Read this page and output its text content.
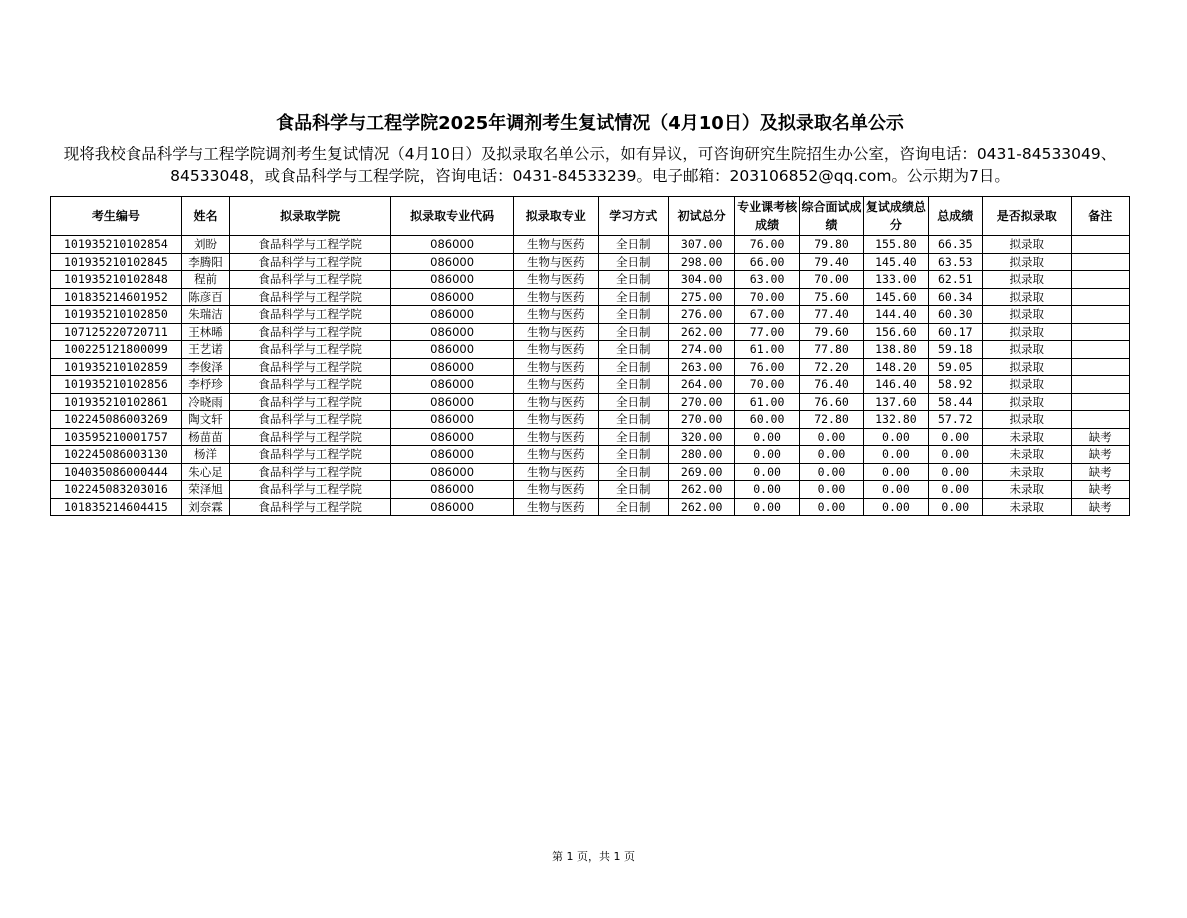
食品科学与工程学院2025年调剂考生复试情况（4月10日）及拟录取名单公示
现将我校食品科学与工程学院调剂考生复试情况（4月10日）及拟录取名单公示，如有异议，可咨询研究生院招生办公室，咨询电话：0431-84533049、84533048，或食品科学与工程学院，咨询电话：0431-84533239。电子邮箱：203106852@qq.com。公示期为7日。
考生编号	姓名	拟录取学院	拟录取专业代码	拟录取专业	学习方式	初试总分	专业课考核成绩	综合面试成绩	复试成绩总分	总成绩	是否拟录取	备注
101935210102854	刘盼	食品科学与工程学院	086000	生物与医药	全日制	307.00	76.00	79.80	155.80	66.35	拟录取	
101935210102845	李腾阳	食品科学与工程学院	086000	生物与医药	全日制	298.00	66.00	79.40	145.40	63.53	拟录取	
101935210102848	程前	食品科学与工程学院	086000	生物与医药	全日制	304.00	63.00	70.00	133.00	62.51	拟录取	
101835214601952	陈彦百	食品科学与工程学院	086000	生物与医药	全日制	275.00	70.00	75.60	145.60	60.34	拟录取	
101935210102850	朱瑞洁	食品科学与工程学院	086000	生物与医药	全日制	276.00	67.00	77.40	144.40	60.30	拟录取	
107125220720711	王林晞	食品科学与工程学院	086000	生物与医药	全日制	262.00	77.00	79.60	156.60	60.17	拟录取	
100225121800099	王艺诺	食品科学与工程学院	086000	生物与医药	全日制	274.00	61.00	77.80	138.80	59.18	拟录取	
101935210102859	李俊泽	食品科学与工程学院	086000	生物与医药	全日制	263.00	76.00	72.20	148.20	59.05	拟录取	
101935210102856	李杼珍	食品科学与工程学院	086000	生物与医药	全日制	264.00	70.00	76.40	146.40	58.92	拟录取	
101935210102861	冷晓雨	食品科学与工程学院	086000	生物与医药	全日制	270.00	61.00	76.60	137.60	58.44	拟录取	
102245086003269	陶文轩	食品科学与工程学院	086000	生物与医药	全日制	270.00	60.00	72.80	132.80	57.72	拟录取	
103595210001757	杨苗苗	食品科学与工程学院	086000	生物与医药	全日制	320.00	0.00	0.00	0.00	0.00	未录取	缺考
102245086003130	杨洋	食品科学与工程学院	086000	生物与医药	全日制	280.00	0.00	0.00	0.00	0.00	未录取	缺考
104035086000444	朱心足	食品科学与工程学院	086000	生物与医药	全日制	269.00	0.00	0.00	0.00	0.00	未录取	缺考
102245083203016	荣泽旭	食品科学与工程学院	086000	生物与医药	全日制	262.00	0.00	0.00	0.00	0.00	未录取	缺考
101835214604415	刘奈霖	食品科学与工程学院	086000	生物与医药	全日制	262.00	0.00	0.00	0.00	0.00	未录取	缺考
第 1 页，共 1 页
